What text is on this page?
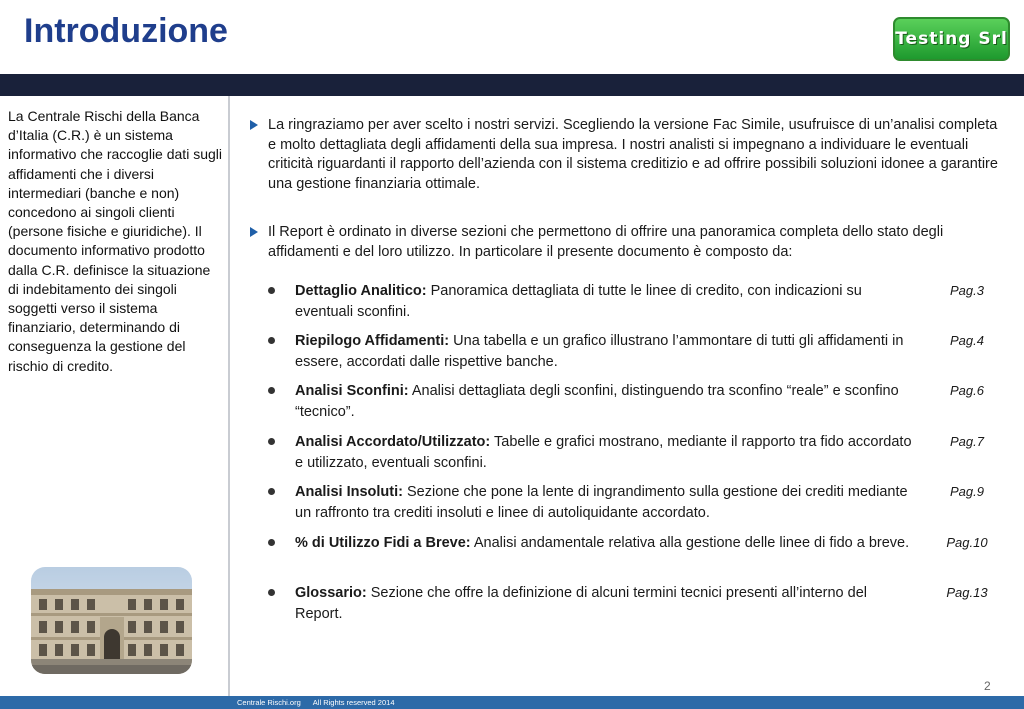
Introduzione	Testing Srl
La Centrale Rischi della Banca d’Italia (C.R.) è un sistema informativo che raccoglie dati sugli affidamenti che i diversi intermediari (banche e non) concedono ai singoli clienti (persone fisiche e giuridiche). Il documento informativo prodotto dalla C.R. definisce la situazione di indebitamento dei singoli soggetti verso il sistema finanziario, determinando di conseguenza la gestione del rischio di credito.
La ringraziamo per aver scelto i nostri servizi. Scegliendo la versione Fac Simile, usufruisce di un’analisi completa e molto dettagliata degli affidamenti della sua impresa. I nostri analisti si impegnano a individuare le eventuali criticità riguardanti il rapporto dell’azienda con il sistema creditizio e ad offrire possibili soluzioni idonee a garantire una gestione finanziaria ottimale.
Il Report è ordinato in diverse sezioni che permettono di offrire una panoramica completa dello stato degli affidamenti e del loro utilizzo. In particolare il presente documento è composto da:
Dettaglio Analitico: Panoramica dettagliata di tutte le linee di credito, con indicazioni su eventuali sconfini.
Pag.3
Riepilogo Affidamenti: Una tabella e un grafico illustrano l’ammontare di tutti gli affidamenti in essere, accordati dalle rispettive banche.
Pag.4
Analisi Sconfini: Analisi dettagliata degli sconfini, distinguendo tra sconfino “reale” e sconfino “tecnico”.
Pag.6
Analisi Accordato/Utilizzato: Tabelle e grafici mostrano, mediante il rapporto tra fido accordato e utilizzato, eventuali sconfini.
Pag.7
Analisi Insoluti: Sezione che pone la lente di ingrandimento sulla gestione dei crediti mediante un raffronto tra crediti insoluti e linee di autoliquidante accordato.
Pag.9
% di Utilizzo Fidi a Breve: Analisi andamentale relativa alla gestione delle linee di fido a breve.	Pag.10
Glossario: Sezione che offre la definizione di alcuni termini tecnici presenti all’interno del Report.
Pag.13
2
Centrale Rischi.org All Rights reserved 2014
